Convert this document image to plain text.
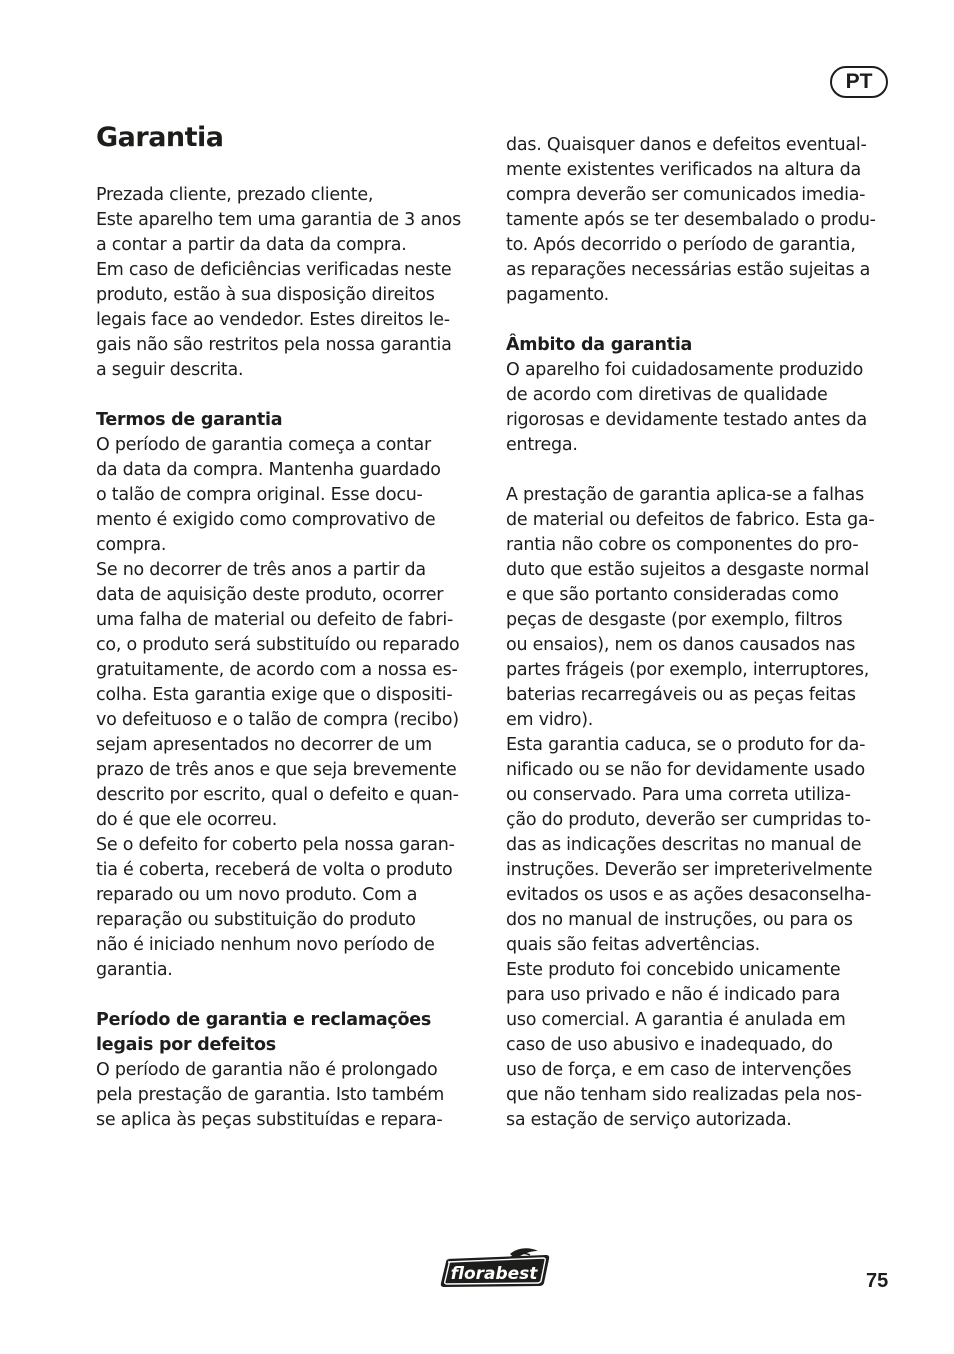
PT
Garantia
Prezada cliente, prezado cliente,
Este aparelho tem uma garantia de 3 anos
a contar a partir da data da compra.
Em caso de deficiências verificadas neste
produto, estão à sua disposição direitos
legais face ao vendedor. Estes direitos le-
gais não são restritos pela nossa garantia
a seguir descrita.
Termos de garantia
O período de garantia começa a contar
da data da compra. Mantenha guardado
o talão de compra original. Esse docu-
mento é exigido como comprovativo de
compra.
Se no decorrer de três anos a partir da
data de aquisição deste produto, ocorrer
uma falha de material ou defeito de fabri-
co, o produto será substituído ou reparado
gratuitamente, de acordo com a nossa es-
colha. Esta garantia exige que o dispositi-
vo defeituoso e o talão de compra (recibo)
sejam apresentados no decorrer de um
prazo de três anos e que seja brevemente
descrito por escrito, qual o defeito e quan-
do é que ele ocorreu.
Se o defeito for coberto pela nossa garan-
tia é coberta, receberá de volta o produto
reparado ou um novo produto. Com a
reparação ou substituição do produto
não é iniciado nenhum novo período de
garantia.
Período de garantia e reclamações
legais por defeitos
O período de garantia não é prolongado
pela prestação de garantia. Isto também
se aplica às peças substituídas e repara-
das. Quaisquer danos e defeitos eventual-
mente existentes verificados na altura da
compra deverão ser comunicados imedia-
tamente após se ter desembalado o produ-
to. Após decorrido o período de garantia,
as reparações necessárias estão sujeitas a
pagamento.
Âmbito da garantia
O aparelho foi cuidadosamente produzido
de acordo com diretivas de qualidade
rigorosas e devidamente testado antes da
entrega.
A prestação de garantia aplica-se a falhas
de material ou defeitos de fabrico. Esta ga-
rantia não cobre os componentes do pro-
duto que estão sujeitos a desgaste normal
e que são portanto consideradas como
peças de desgaste (por exemplo, filtros
ou ensaios), nem os danos causados nas
partes frágeis (por exemplo, interruptores,
baterias recarregáveis ou as peças feitas
em vidro).
Esta garantia caduca, se o produto for da-
nificado ou se não for devidamente usado
ou conservado. Para uma correta utiliza-
ção do produto, deverão ser cumpridas to-
das as indicações descritas no manual de
instruções. Deverão ser impreterivelmente
evitados os usos e as ações desaconselha-
dos no manual de instruções, ou para os
quais são feitas advertências.
Este produto foi concebido unicamente
para uso privado e não é indicado para
uso comercial. A garantia é anulada em
caso de uso abusivo e inadequado, do
uso de força, e em caso de intervenções
que não tenham sido realizadas pela nos-
sa estação de serviço autorizada.
florabest	75
